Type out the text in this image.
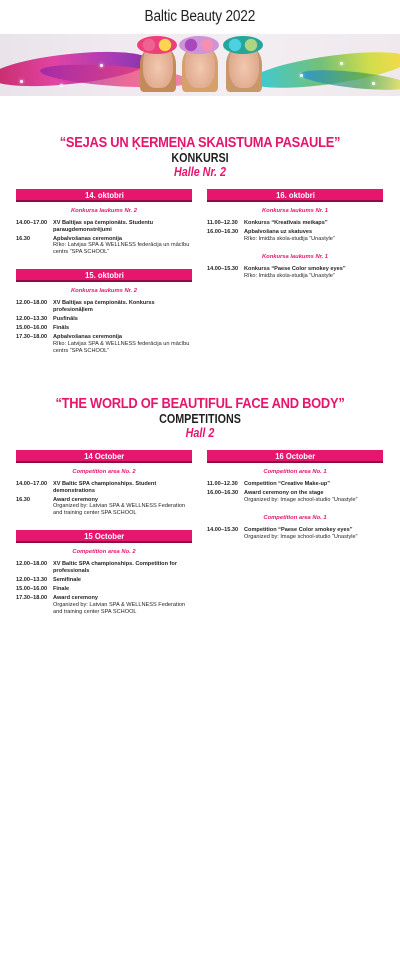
Baltic Beauty 2022
“SEJAS UN ĶERMEŅA SKAISTUMA PASAULE”
KONKURSI
Halle Nr. 2
14. oktobri
Konkursa laukums Nr. 2
14.00–17.00	XV Baltijas spa čempionāts. Studentu paraugdemonstrējumi
16.30	Apbalvošanas ceremonija
Rīko: Latvijas SPA & WELLNESS federācija un mācību centrs “SPA SCHOOL”
15. oktobri
Konkursa laukums Nr. 2
12.00–18.00	XV Baltijas spa čempionāts. Konkurss profesionāļiem
12.00–13.30	Pusfināls
15.00–16.00	Fināls
17.30–18.00	Apbalvošanas ceremonija
Rīko: Latvijas SPA & WELLNESS federācija un mācību centrs “SPA SCHOOL”
16. oktobri
Konkursa laukums Nr. 1
11.00–12.30	Konkurss “Kreatīvais meikaps”
16.00–16.30	Apbalvošana uz skatuves
Rīko: Imidža skola-studija “Unastyle”
Konkursa laukums Nr. 1
14.00–15.30	Konkurss “Paese Color smokey eyes”
Rīko: Imidža skola-studija “Unastyle”
“THE WORLD OF BEAUTIFUL FACE AND BODY”
COMPETITIONS
Hall 2
14 October
Competition area No. 2
14.00–17.00	XV Baltic SPA championships. Student demonstrations
16.30	Award ceremony
Organized by: Latvian SPA & WELLNESS Federation and training center SPA SCHOOL
15 October
Competition area No. 2
12.00–18.00	XV Baltic SPA championships. Competition for professionals
12.00–13.30	Semifinale
15.00–16.00	Finale
17.30–18.00	Award ceremony
Organized by: Latvian SPA & WELLNESS Federation and training center SPA SCHOOL
16 October
Competition area No. 1
11.00–12.30	Competition “Creative Make-up”
16.00–16.30	Award ceremony on the stage
Organized by: Image school-studio “Unastyle”
Competition area No. 1
14.00–15.30	Competition “Paese Color smokey eyes”
Organized by: Image school-studio “Unastyle”
